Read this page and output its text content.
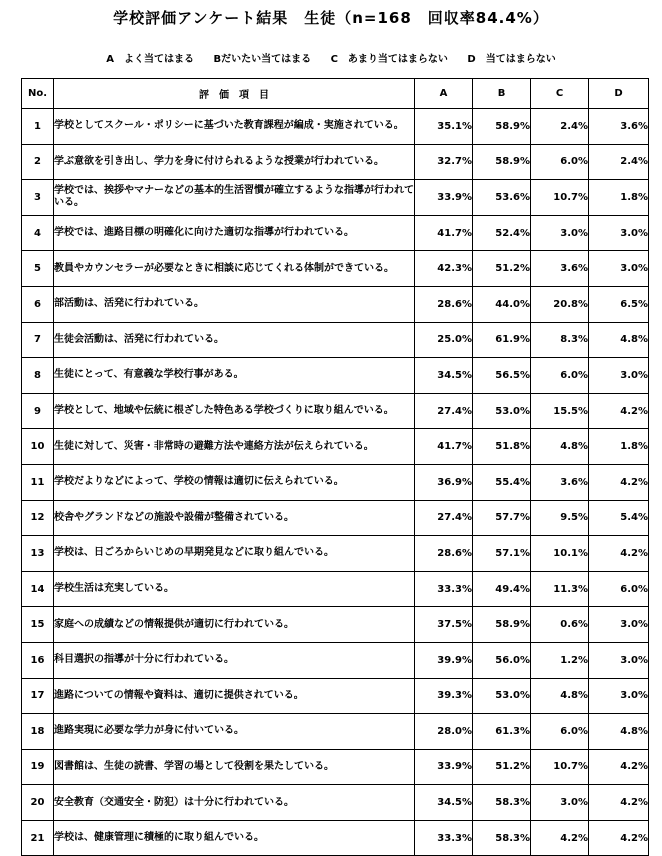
学校評価アンケート結果　生徒（n=168　回収率84.4%）
A　よく当てはまる Bだいたい当てはまる C　あまり当てはまらない D　当てはまらない
No.	評　価　項　目	A	B	C	D
1	学校としてスクール・ポリシーに基づいた教育課程が編成・実施されている。	35.1%	58.9%	2.4%	3.6%
2	学ぶ意欲を引き出し、学力を身に付けられるような授業が行われている。	32.7%	58.9%	6.0%	2.4%
3	学校では、挨拶やマナーなどの基本的生活習慣が確立するような指導が行われている。	33.9%	53.6%	10.7%	1.8%
4	学校では、進路目標の明確化に向けた適切な指導が行われている。	41.7%	52.4%	3.0%	3.0%
5	教員やカウンセラーが必要なときに相談に応じてくれる体制ができている。	42.3%	51.2%	3.6%	3.0%
6	部活動は、活発に行われている。	28.6%	44.0%	20.8%	6.5%
7	生徒会活動は、活発に行われている。	25.0%	61.9%	8.3%	4.8%
8	生徒にとって、有意義な学校行事がある。	34.5%	56.5%	6.0%	3.0%
9	学校として、地域や伝統に根ざした特色ある学校づくりに取り組んでいる。	27.4%	53.0%	15.5%	4.2%
10	生徒に対して、災害・非常時の避難方法や連絡方法が伝えられている。	41.7%	51.8%	4.8%	1.8%
11	学校だよりなどによって、学校の情報は適切に伝えられている。	36.9%	55.4%	3.6%	4.2%
12	校舎やグランドなどの施設や設備が整備されている。	27.4%	57.7%	9.5%	5.4%
13	学校は、日ごろからいじめの早期発見などに取り組んでいる。	28.6%	57.1%	10.1%	4.2%
14	学校生活は充実している。	33.3%	49.4%	11.3%	6.0%
15	家庭への成績などの情報提供が適切に行われている。	37.5%	58.9%	0.6%	3.0%
16	科目選択の指導が十分に行われている。	39.9%	56.0%	1.2%	3.0%
17	進路についての情報や資料は、適切に提供されている。	39.3%	53.0%	4.8%	3.0%
18	進路実現に必要な学力が身に付いている。	28.0%	61.3%	6.0%	4.8%
19	図書館は、生徒の読書、学習の場として役割を果たしている。	33.9%	51.2%	10.7%	4.2%
20	安全教育（交通安全・防犯）は十分に行われている。	34.5%	58.3%	3.0%	4.2%
21	学校は、健康管理に積極的に取り組んでいる。	33.3%	58.3%	4.2%	4.2%
